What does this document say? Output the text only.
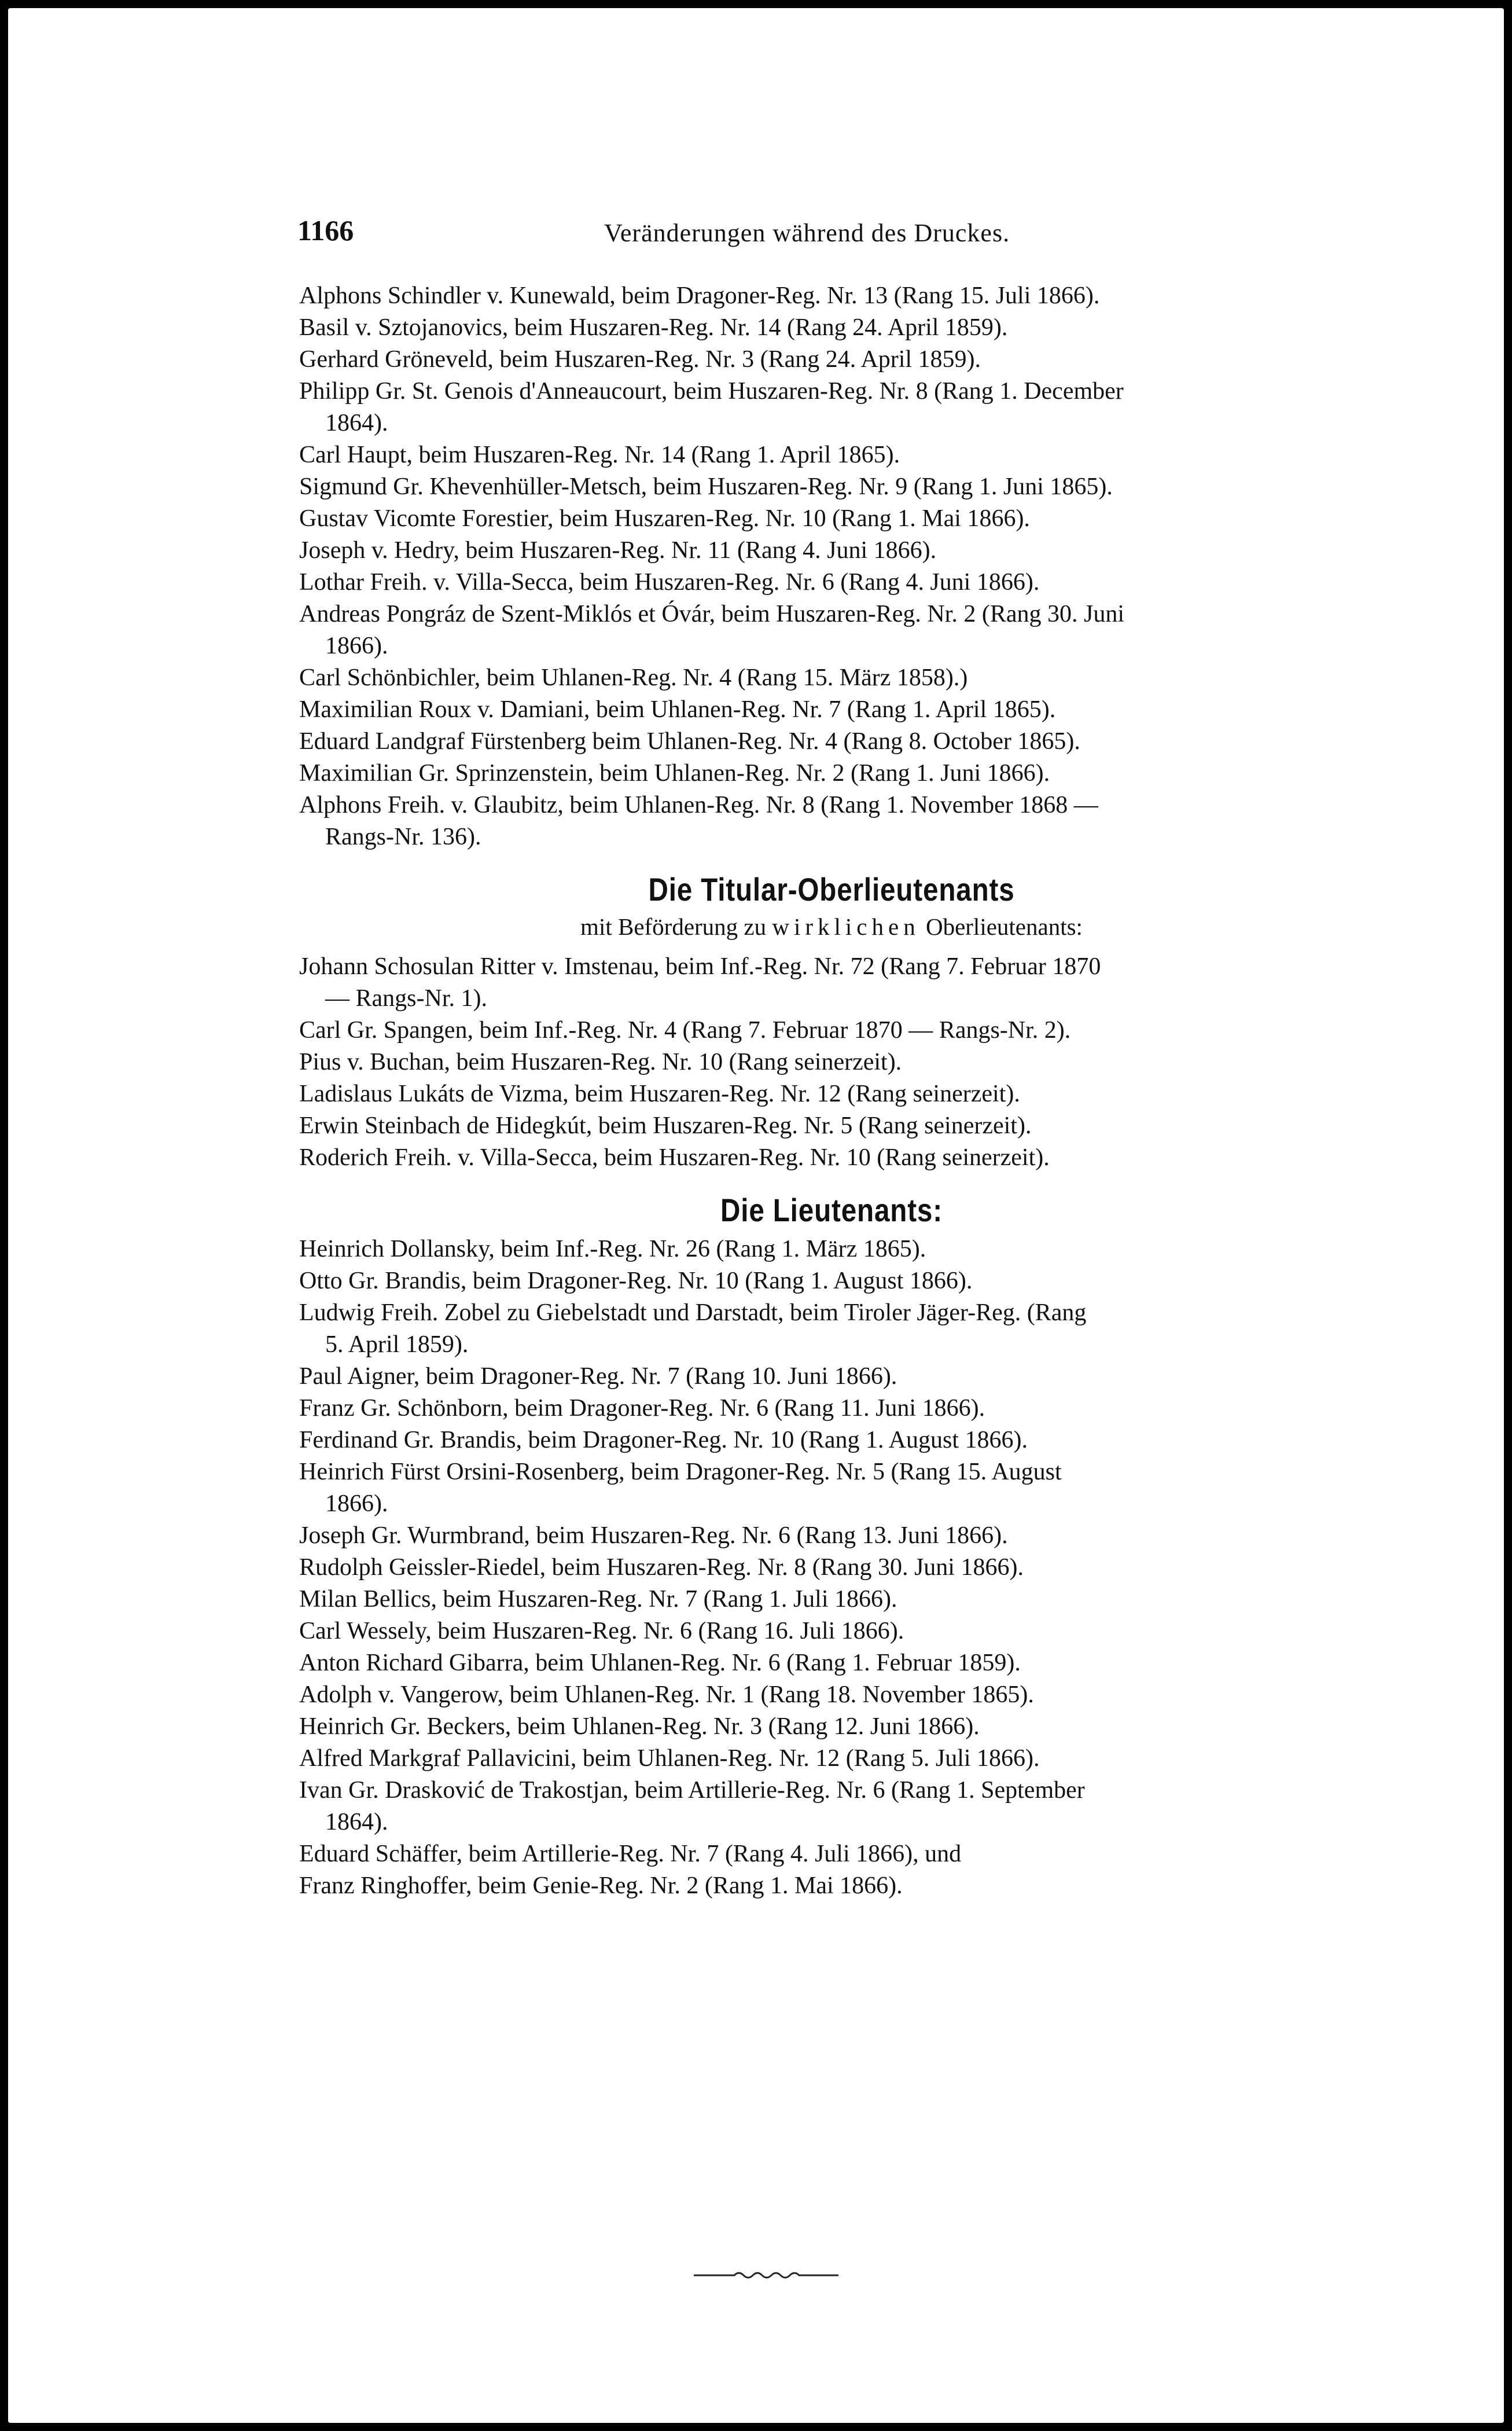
1166	Veränderungen während des Druckes.
Alphons Schindler v. Kunewald, beim Dragoner-Reg. Nr. 13 (Rang 15. Juli 1866).
Basil v. Sztojanovics, beim Huszaren-Reg. Nr. 14 (Rang 24. April 1859).
Gerhard Gröneveld, beim Huszaren-Reg. Nr. 3 (Rang 24. April 1859).
Philipp Gr. St. Genois d'Anneaucourt, beim Huszaren-Reg. Nr. 8 (Rang 1. December
1864).
Carl Haupt, beim Huszaren-Reg. Nr. 14 (Rang 1. April 1865).
Sigmund Gr. Khevenhüller-Metsch, beim Huszaren-Reg. Nr. 9 (Rang 1. Juni 1865).
Gustav Vicomte Forestier, beim Huszaren-Reg. Nr. 10 (Rang 1. Mai 1866).
Joseph v. Hedry, beim Huszaren-Reg. Nr. 11 (Rang 4. Juni 1866).
Lothar Freih. v. Villa-Secca, beim Huszaren-Reg. Nr. 6 (Rang 4. Juni 1866).
Andreas Pongráz de Szent-Miklós et Óvár, beim Huszaren-Reg. Nr. 2 (Rang 30. Juni
1866).
Carl Schönbichler, beim Uhlanen-Reg. Nr. 4 (Rang 15. März 1858).)
Maximilian Roux v. Damiani, beim Uhlanen-Reg. Nr. 7 (Rang 1. April 1865).
Eduard Landgraf Fürstenberg beim Uhlanen-Reg. Nr. 4 (Rang 8. October 1865).
Maximilian Gr. Sprinzenstein, beim Uhlanen-Reg. Nr. 2 (Rang 1. Juni 1866).
Alphons Freih. v. Glaubitz, beim Uhlanen-Reg. Nr. 8 (Rang 1. November 1868 —
Rangs-Nr. 136).
Die Titular-Oberlieutenants
mit Beförderung zu wirklichen Oberlieutenants:
Johann Schosulan Ritter v. Imstenau, beim Inf.-Reg. Nr. 72 (Rang 7. Februar 1870
— Rangs-Nr. 1).
Carl Gr. Spangen, beim Inf.-Reg. Nr. 4 (Rang 7. Februar 1870 — Rangs-Nr. 2).
Pius v. Buchan, beim Huszaren-Reg. Nr. 10 (Rang seinerzeit).
Ladislaus Lukáts de Vizma, beim Huszaren-Reg. Nr. 12 (Rang seinerzeit).
Erwin Steinbach de Hidegkút, beim Huszaren-Reg. Nr. 5 (Rang seinerzeit).
Roderich Freih. v. Villa-Secca, beim Huszaren-Reg. Nr. 10 (Rang seinerzeit).
Die Lieutenants:
Heinrich Dollansky, beim Inf.-Reg. Nr. 26 (Rang 1. März 1865).
Otto Gr. Brandis, beim Dragoner-Reg. Nr. 10 (Rang 1. August 1866).
Ludwig Freih. Zobel zu Giebelstadt und Darstadt, beim Tiroler Jäger-Reg. (Rang
5. April 1859).
Paul Aigner, beim Dragoner-Reg. Nr. 7 (Rang 10. Juni 1866).
Franz Gr. Schönborn, beim Dragoner-Reg. Nr. 6 (Rang 11. Juni 1866).
Ferdinand Gr. Brandis, beim Dragoner-Reg. Nr. 10 (Rang 1. August 1866).
Heinrich Fürst Orsini-Rosenberg, beim Dragoner-Reg. Nr. 5 (Rang 15. August
1866).
Joseph Gr. Wurmbrand, beim Huszaren-Reg. Nr. 6 (Rang 13. Juni 1866).
Rudolph Geissler-Riedel, beim Huszaren-Reg. Nr. 8 (Rang 30. Juni 1866).
Milan Bellics, beim Huszaren-Reg. Nr. 7 (Rang 1. Juli 1866).
Carl Wessely, beim Huszaren-Reg. Nr. 6 (Rang 16. Juli 1866).
Anton Richard Gibarra, beim Uhlanen-Reg. Nr. 6 (Rang 1. Februar 1859).
Adolph v. Vangerow, beim Uhlanen-Reg. Nr. 1 (Rang 18. November 1865).
Heinrich Gr. Beckers, beim Uhlanen-Reg. Nr. 3 (Rang 12. Juni 1866).
Alfred Markgraf Pallavicini, beim Uhlanen-Reg. Nr. 12 (Rang 5. Juli 1866).
Ivan Gr. Drasković de Trakostjan, beim Artillerie-Reg. Nr. 6 (Rang 1. September
1864).
Eduard Schäffer, beim Artillerie-Reg. Nr. 7 (Rang 4. Juli 1866), und
Franz Ringhoffer, beim Genie-Reg. Nr. 2 (Rang 1. Mai 1866).
